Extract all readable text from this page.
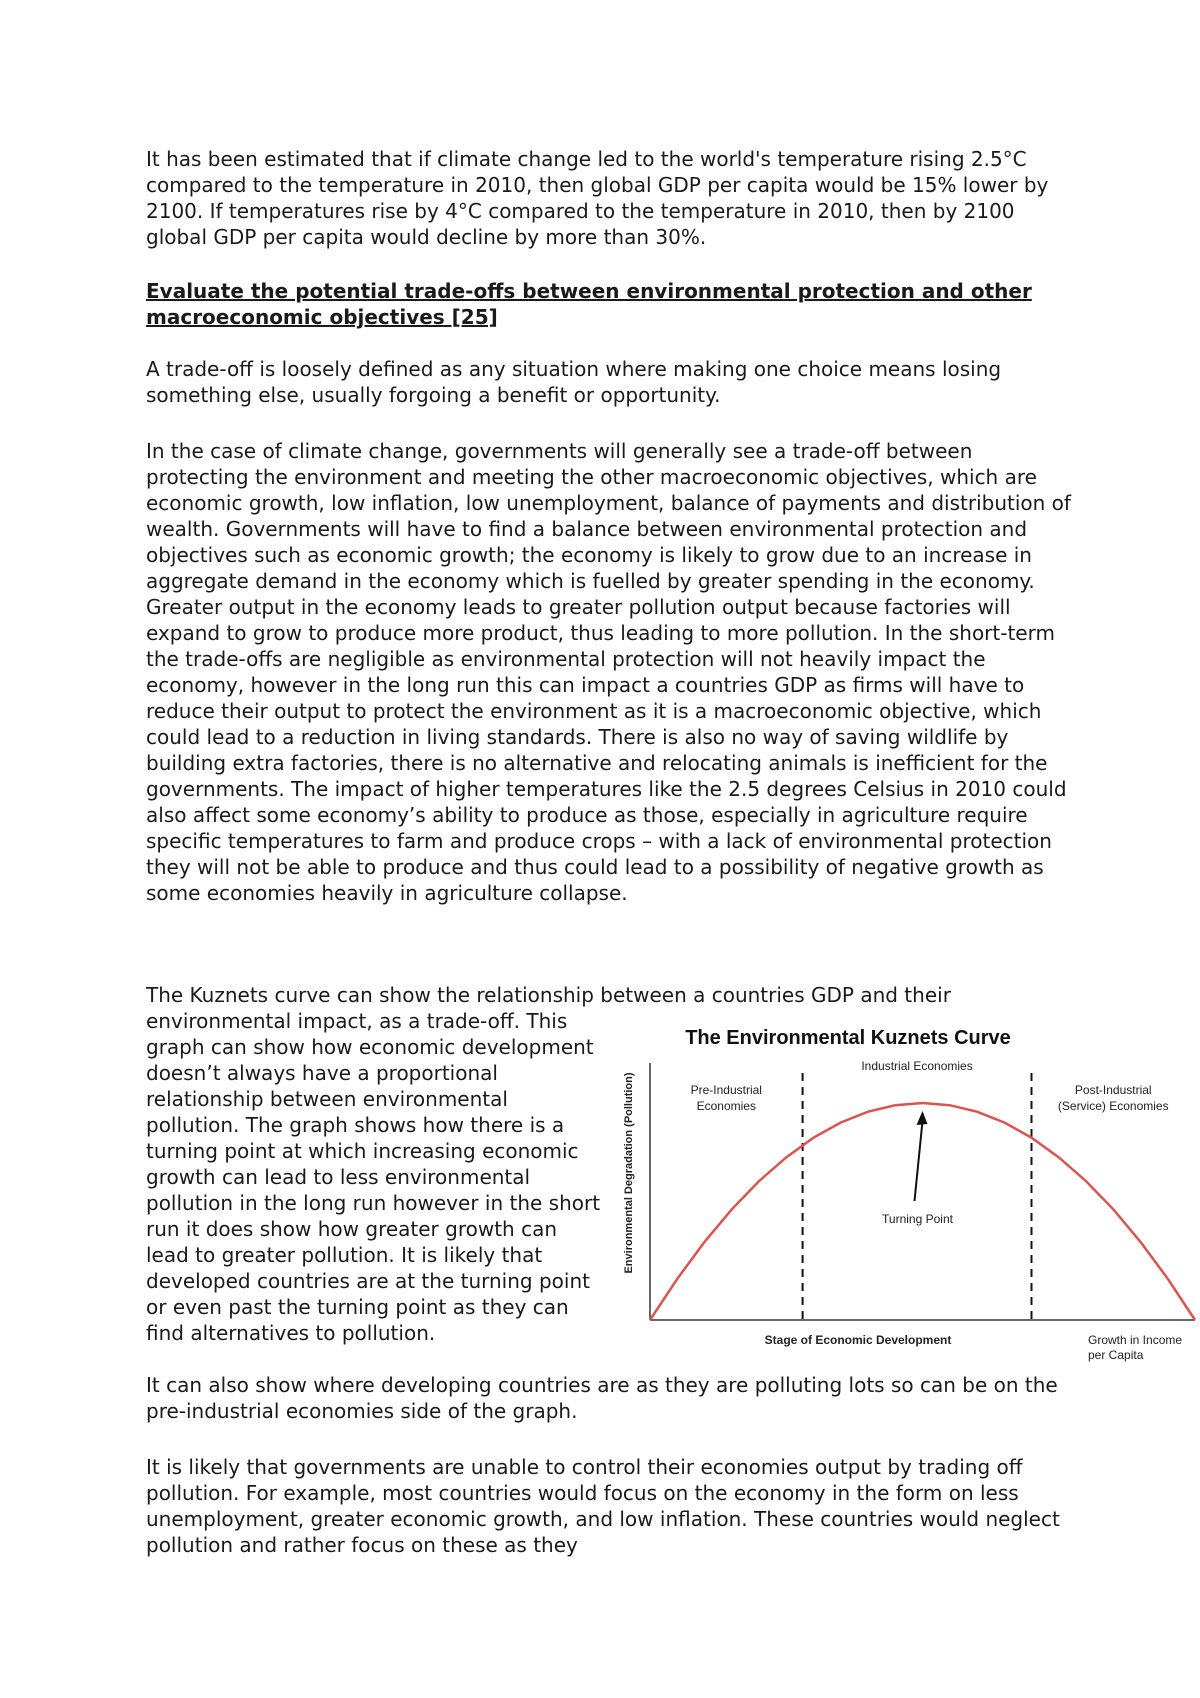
It has been estimated that if climate change led to the world's temperature rising 2.5°C compared to the temperature in 2010, then global GDP per capita would be 15% lower by 2100. If temperatures rise by 4°C compared to the temperature in 2010, then by 2100 global GDP per capita would decline by more than 30%.

Evaluate the potential trade-offs between environmental protection and other macroeconomic objectives [25]

A trade-off is loosely defined as any situation where making one choice means losing something else, usually forgoing a benefit or opportunity.

In the case of climate change, governments will generally see a trade-off between protecting the environment and meeting the other macroeconomic objectives, which are economic growth, low inflation, low unemployment, balance of payments and distribution of wealth. Governments will have to find a balance between environmental protection and objectives such as economic growth; the economy is likely to grow due to an increase in aggregate demand in the economy which is fuelled by greater spending in the economy. Greater output in the economy leads to greater pollution output because factories will expand to grow to produce more product, thus leading to more pollution. In the short-term the trade-offs are negligible as environmental protection will not heavily impact the economy, however in the long run this can impact a countries GDP as firms will have to reduce their output to protect the environment as it is a macroeconomic objective, which could lead to a reduction in living standards. There is also no way of saving wildlife by building extra factories, there is no alternative and relocating animals is inefficient for the governments. The impact of higher temperatures like the 2.5 degrees Celsius in 2010 could also affect some economy’s ability to produce as those, especially in agriculture require specific temperatures to farm and produce crops – with a lack of environmental protection they will not be able to produce and thus could lead to a possibility of negative growth as some economies heavily in agriculture collapse.

The Kuznets curve can show the relationship between a countries GDP and their

environmental impact, as a trade-off. This graph can show how economic development doesn’t always have a proportional relationship between environmental pollution. The graph shows how there is a turning point at which increasing economic growth can lead to less environmental pollution in the long run however in the short run it does show how greater growth can lead to greater pollution. It is likely that developed countries are at the turning point or even past the turning point as they can find alternatives to pollution.

The Environmental Kuznets Curve
Environmental Degradation (Pollution)	Pre-Industrial
Economies
Industrial Economies
Post-Industrial
(Service) Economies
Turning Point
Stage of Economic Development	Growth in Income
per Capita

It can also show where developing countries are as they are polluting lots so can be on the pre-industrial economies side of the graph.

It is likely that governments are unable to control their economies output by trading off pollution. For example, most countries would focus on the economy in the form on less unemployment, greater economic growth, and low inflation. These countries would neglect pollution and rather focus on these as they
